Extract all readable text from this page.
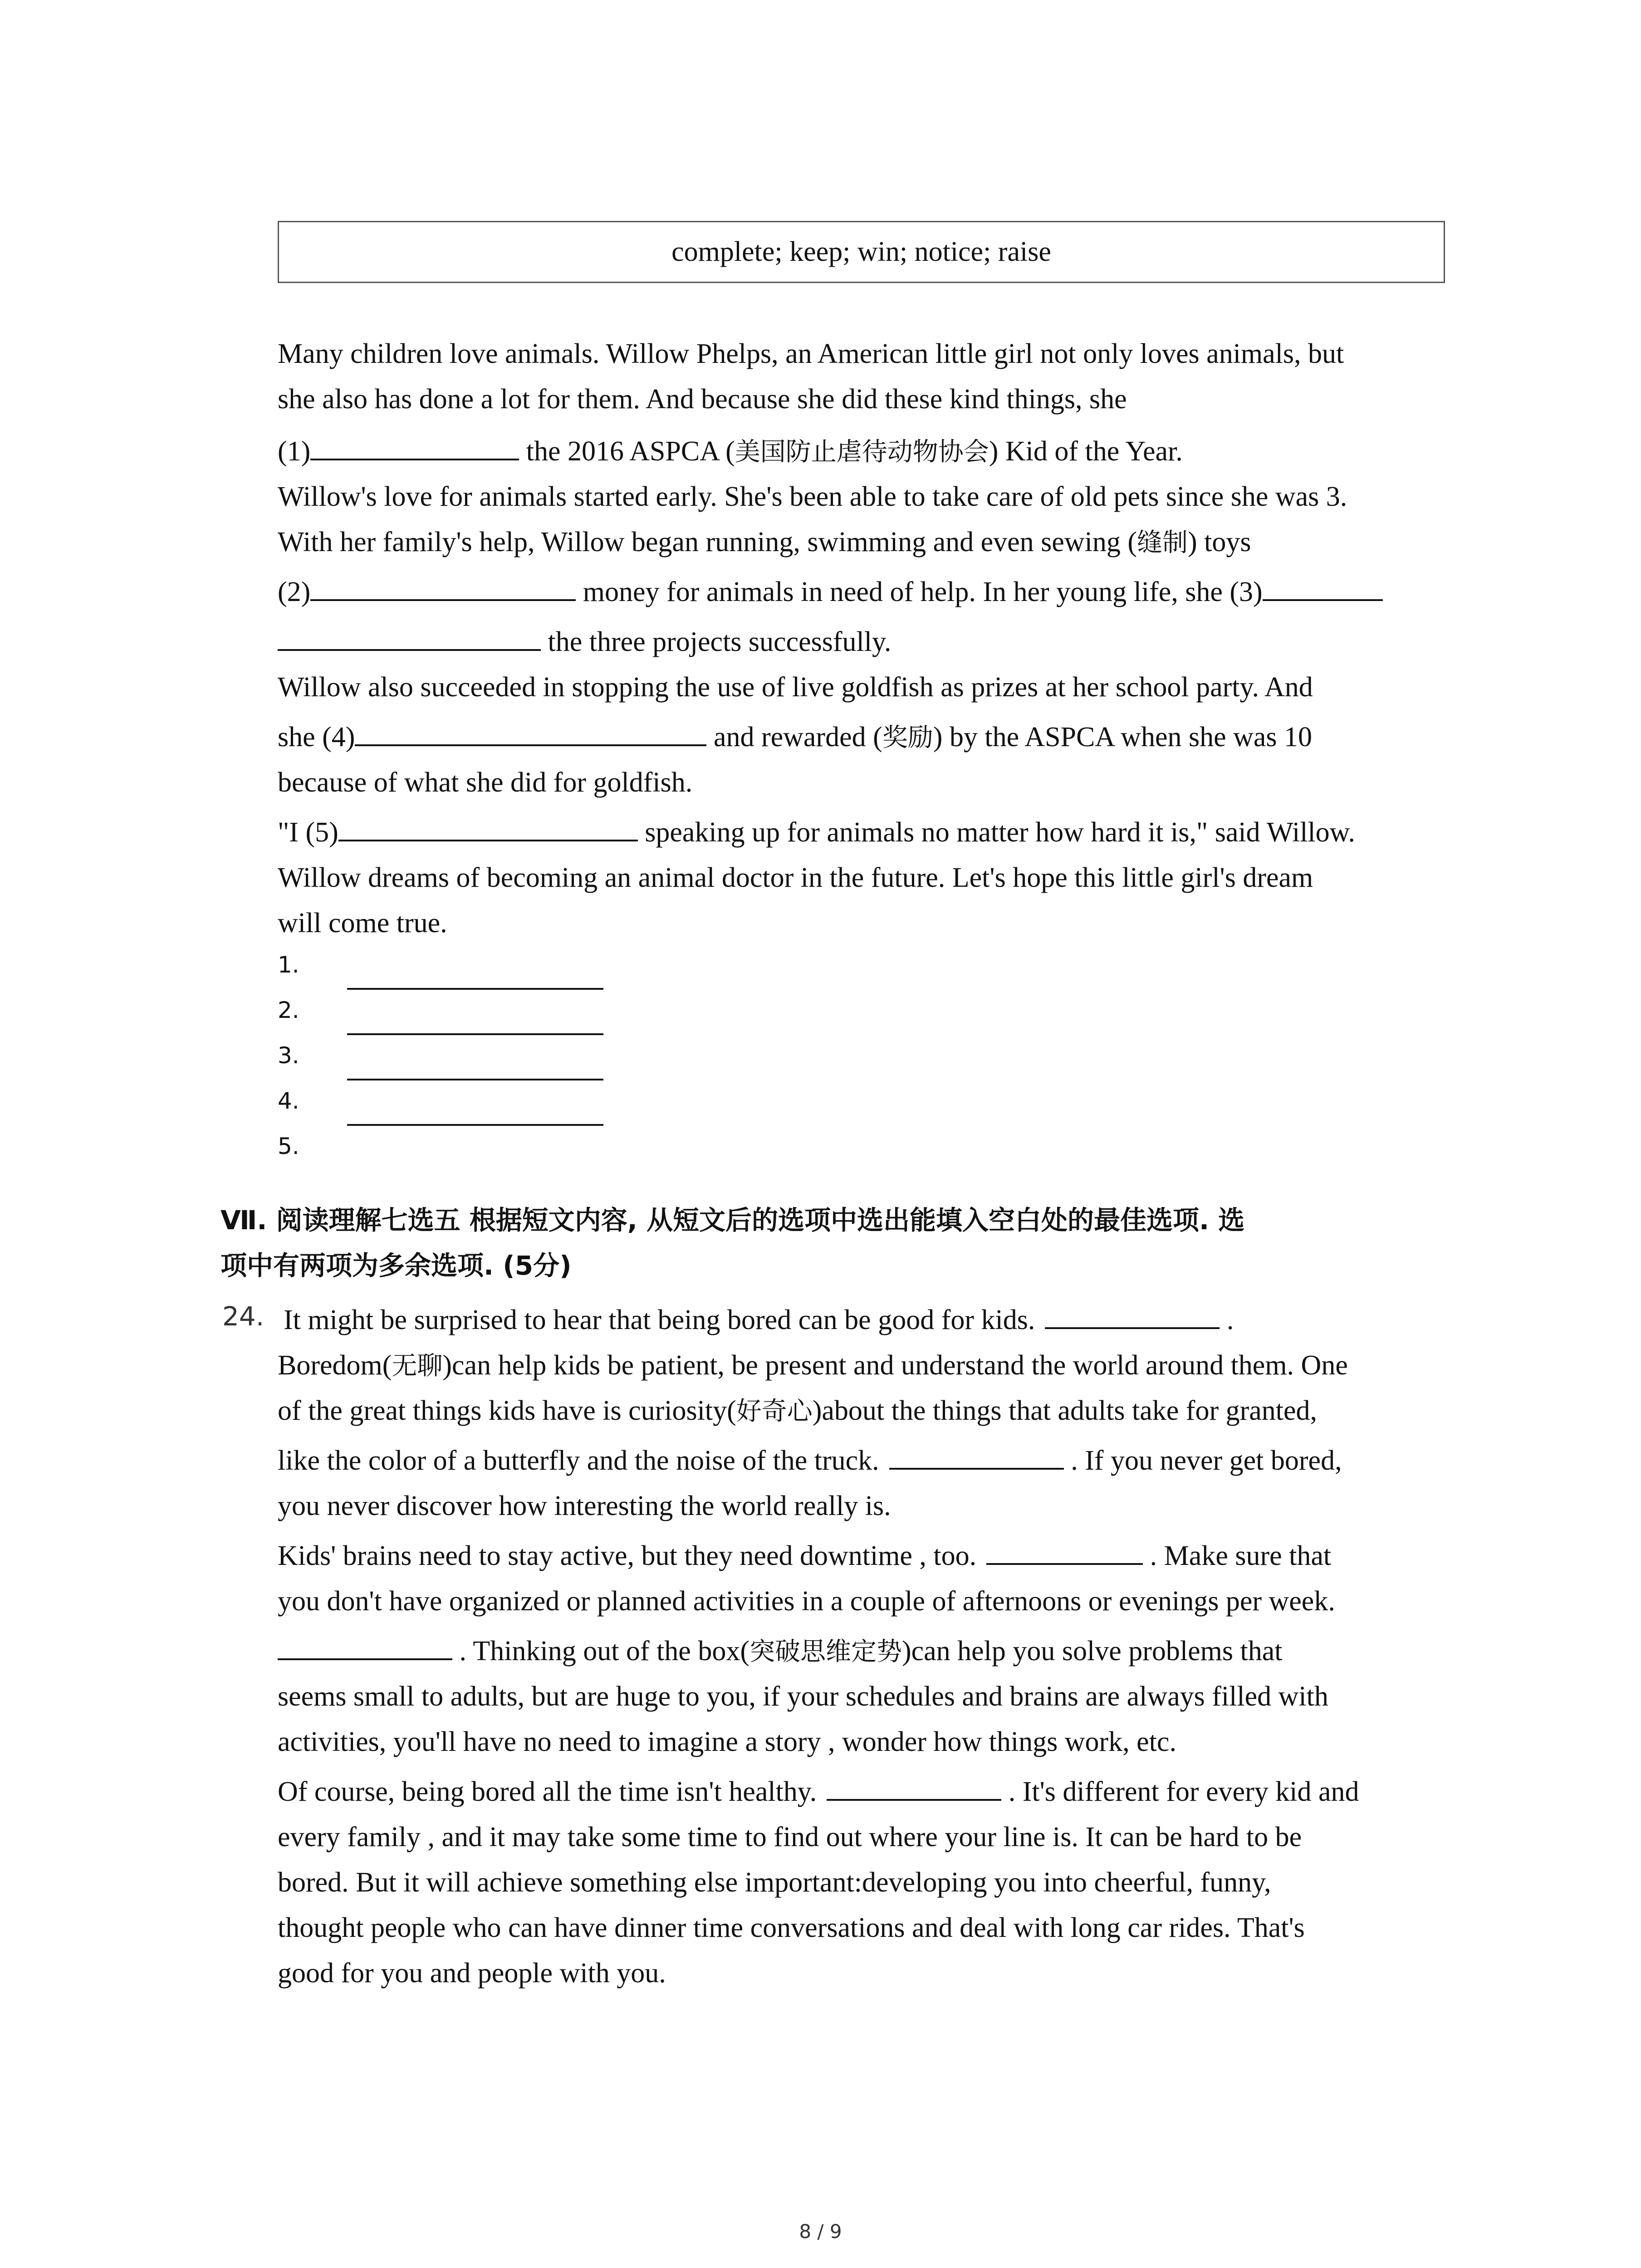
complete; keep; win; notice; raise
Many children love animals. Willow Phelps, an American little girl not only loves animals, but
she also has done a lot for them. And because she did these kind things, she
(1)	the 2016 ASPCA (美国防止虐待动物协会) Kid of the Year.
Willow's love for animals started early. She's been able to take care of old pets since she was 3.
With her family's help, Willow began running, swimming and even sewing (缝制) toys
(2)	money for animals in need of help. In her young life, she (3)
the three projects successfully.
Willow also succeeded in stopping the use of live goldfish as prizes at her school party. And
she (4)	and rewarded (奖励) by the ASPCA when she was 10
because of what she did for goldfish.
"I (5)	speaking up for animals no matter how hard it is," said Willow.
Willow dreams of becoming an animal doctor in the future. Let's hope this little girl's dream
will come true.
1.
2.
3.
4.
5.
Ⅶ. 阅读理解七选五 根据短文内容, 从短文后的选项中选出能填入空白处的最佳选项. 选
项中有两项为多余选项. (5分)
24. It might be surprised to hear that being bored can be good for kids.	.
Boredom(无聊)can help kids be patient, be present and understand the world around them. One
of the great things kids have is curiosity(好奇心)about the things that adults take for granted,
like the color of a butterfly and the noise of the truck.	. If you never get bored,
you never discover how interesting the world really is.
Kids' brains need to stay active, but they need downtime , too.	. Make sure that
you don't have organized or planned activities in a couple of afternoons or evenings per week.
. Thinking out of the box(突破思维定势)can help you solve problems that
seems small to adults, but are huge to you, if your schedules and brains are always filled with
activities, you'll have no need to imagine a story , wonder how things work, etc.
Of course, being bored all the time isn't healthy.	. It's different for every kid and
every family , and it may take some time to find out where your line is. It can be hard to be
bored. But it will achieve something else important:developing you into cheerful, funny,
thought people who can have dinner time conversations and deal with long car rides. That's
good for you and people with you.
8 / 9
